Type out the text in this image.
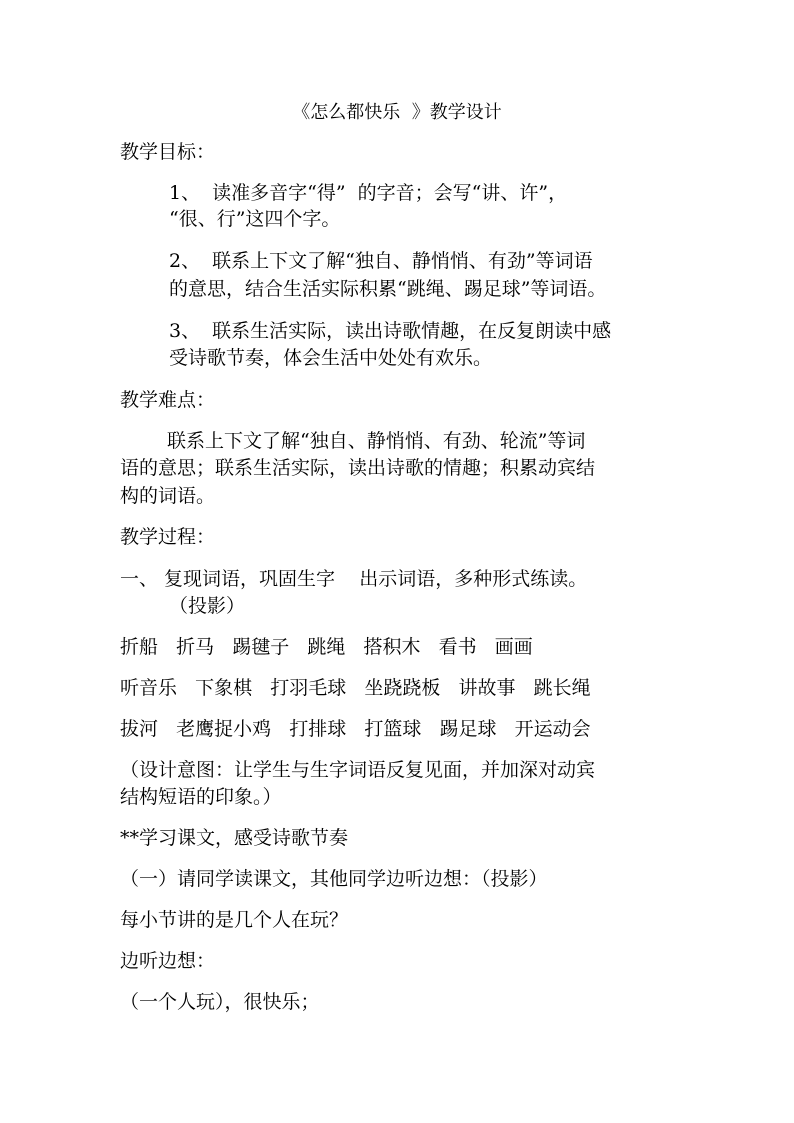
《怎么都快乐  》教学设计
教学目标：
1、  读准多音字“得”  的字音；会写“讲、许”，
“很、行”这四个字。
2、  联系上下文了解“独自、静悄悄、有劲”等词语
的意思，结合生活实际积累“跳绳、踢足球”等词语。
3、  联系生活实际，读出诗歌情趣，在反复朗读中感
受诗歌节奏，体会生活中处处有欢乐。
教学难点：
联系上下文了解“独自、静悄悄、有劲、轮流”等词
语的意思；联系生活实际，读出诗歌的情趣；积累动宾结
构的词语。
教学过程：
一、 复现词语，巩固生字    出示词语，多种形式练读。
（投影）
折船   折马   踢毽子   跳绳   搭积木   看书   画画
听音乐   下象棋   打羽毛球   坐跷跷板   讲故事   跳长绳
拔河   老鹰捉小鸡   打排球   打篮球   踢足球   开运动会
（设计意图：让学生与生字词语反复见面，并加深对动宾
结构短语的印象。）
**学习课文，感受诗歌节奏
（一）请同学读课文，其他同学边听边想：（投影）
每小节讲的是几个人在玩？
边听边想：
（一个人玩），很快乐；
